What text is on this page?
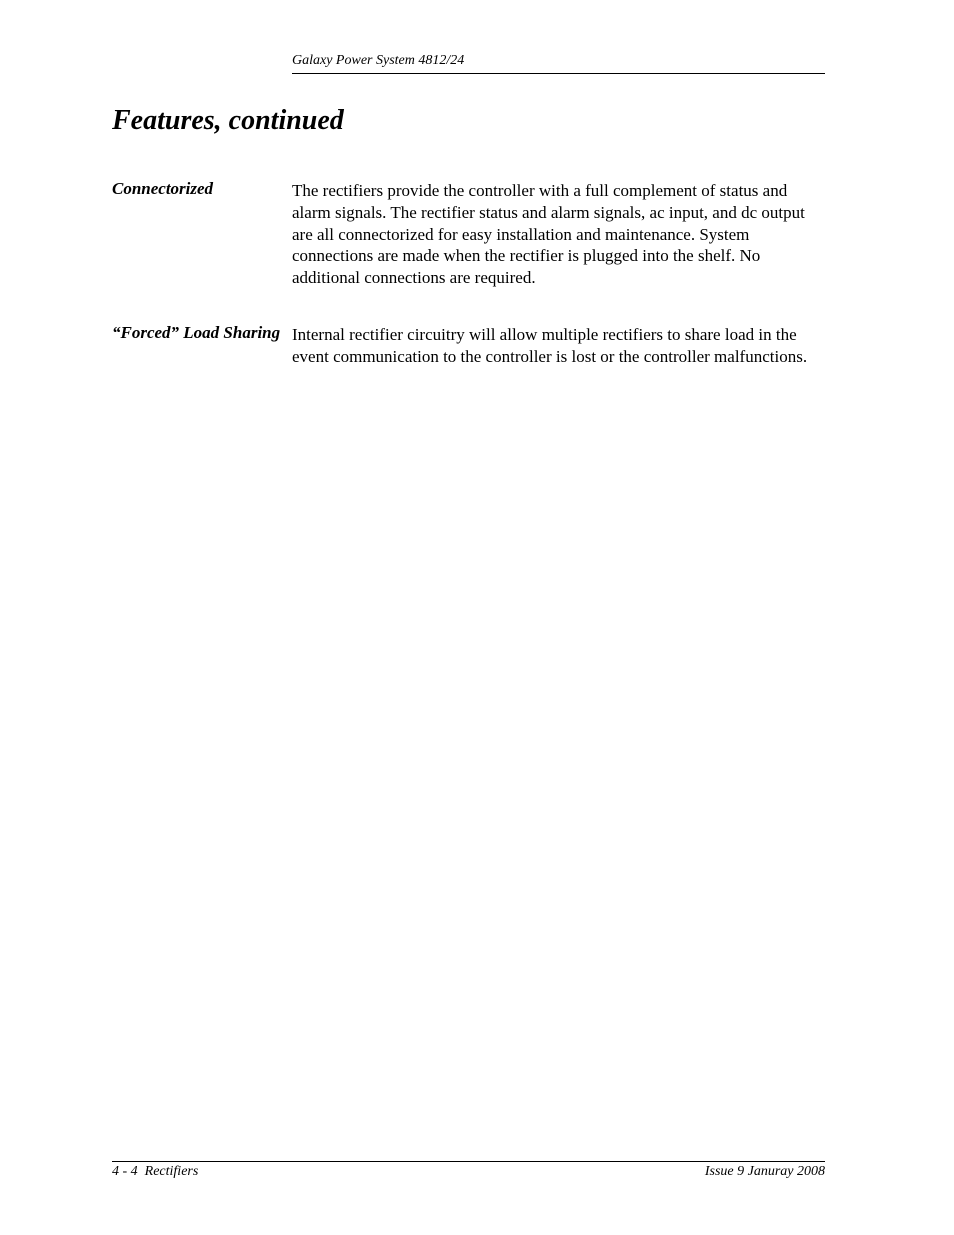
Galaxy Power System 4812/24
Features, continued
Connectorized	The rectifiers provide the controller with a full complement of status and alarm signals. The rectifier status and alarm signals, ac input, and dc output are all connectorized for easy installation and maintenance. System connections are made when the rectifier is plugged into the shelf. No additional connections are required.

“Forced” Load Sharing Internal rectifier circuitry will allow multiple rectifiers to share load in the event communication to the controller is lost or the controller malfunctions.

4 - 4  Rectifiers	Issue 9 Januray 2008
